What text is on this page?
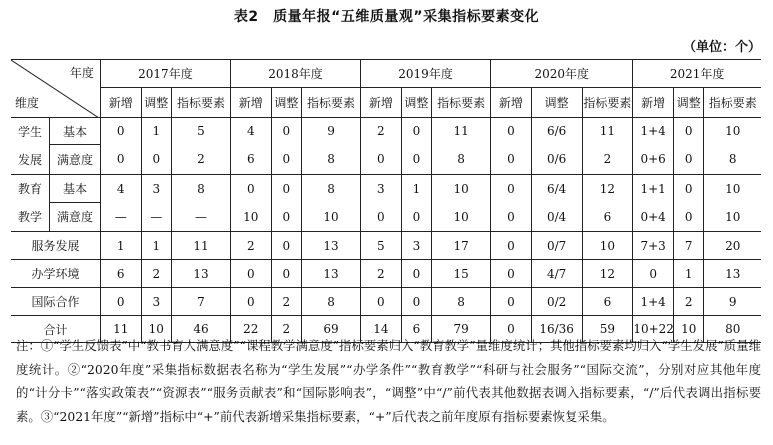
表2　质量年报“五维质量观”采集指标要素变化
（单位：个）
年度
维度		2017年度			2018年度			2019年度			2020年度			2021年度		
		新增	调整	指标要素	新增	调整	指标要素	新增	调整	指标要素	新增	调整	指标要素	新增	调整	指标要素

学生
发展	基本	0	1	5	4	0	9	2	0	11	0	6/6	11	1+4	0	10
	满意度	0	0	2	6	0	8	0	0	8	0	0/6	2	0+6	0	8

教育
教学	基本	4	3	8	0	0	8	3	1	10	0	6/4	12	1+1	0	10
	满意度	—	—	—	10	0	10	0	0	10	0	0/4	6	0+4	0	10
服务发展		1	1	11	2	0	13	5	3	17	0	0/7	10	7+3	7	20
办学环境		6	2	13	0	0	13	2	0	15	0	4/7	12	0	1	13
国际合作		0	3	7	0	2	8	0	0	8	0	0/2	6	1+4	2	9
合计		11	10	46	22	2	69	14	6	79	0	16/36	59	10+22	10	80
注：①“学生反馈表”中“教书育人满意度”“课程教学满意度”指标要素归入“教育教学”量维度统计；其他指标要素均归入“学生发展”质量维度统计。②“2020年度”采集指标数据表名称为“学生发展”“办学条件”“教育教学”“科研与社会服务”“国际交流”，分别对应其他年度的“计分卡”“落实政策表”“资源表”“服务贡献表”和“国际影响表”，“调整”中“/”前代表其他数据表调入指标要素，“/”后代表调出指标要素。③“2021年度”“新增”指标中“+”前代表新增采集指标要素，“+”后代表之前年度原有指标要素恢复采集。
